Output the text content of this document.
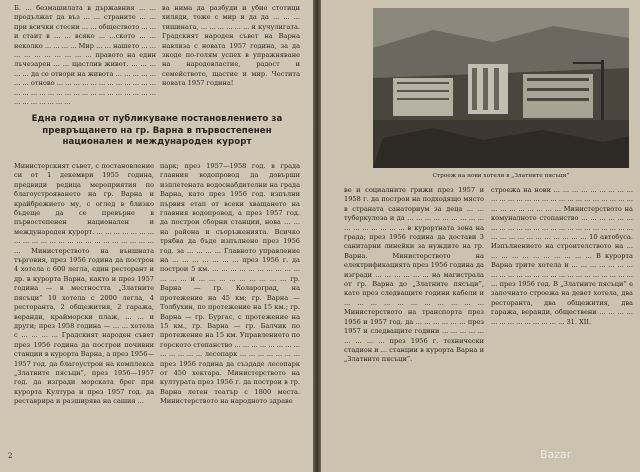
Б. ... безмашилата в държавния ... ... продължат да въз ... ... страните ... ... при всички стесни ... ... обществото ... ... и стаит в ... ... всяко ... ...ското ... ... неколко ... ... ... ... Мир ... ... нашето ... ... ... ... ... ... ... ... ... ... правото на един лъчезарен ... ... щастлив живот. ... ... ... ... ... да се отвори на живота ... ... ... ... ... ... ... отново ... ... ... ... ... ... ... ... ... ... ... ... ... ... ... ... ... ... ... ... ... ... ... ... ... ... ... ... ... ... ... ... ... ... ... ...

ва нима да разбуди и убие стотици хиляди, тоже с мир и да да ... ... ... тишината, ... ... ... ... ... ... и кучулигата. Градският народен съвет на Варна навлиза с новата 1957 година, за да зкоде по-голям успех в упражняване на народовластие, радост и семейството, щастие и мир. Честита новата 1957 година!

Една година от публикуване постановлението за превръщането на гр. Варна в първостепенен национален и международен курорт

Министерският съвет, с постановление си от 1 декември 1955 година, предвиди редица мероприятия по благоустрояването на гр. Варна и крайбрежието му, с оглед в близко бъдеще да се превърне в първостепенен национален и международен курорт. ... ... ... ... ... ... ... ... ... ... ... ... ... ... ... ... ... ... ... ... ... ... ... ... Министерството на външната търговия, през 1956 година да построи 4 хотела с 600 легла, един ресторант и др. в курорта Варна, както и през 1957 година — в местността „Златните пясъци” 10 хотела с 2000 легла, 4 ресторанта, 2 общежития, 2 гаража, веранди, крайморски плаж, ... ... и други; през 1958 година — ... ... хотела с ... ... ... ... Градският народен съвет през 1956 година да построи почивни станции в курорта Варна, а през 1956—1957 год. да благоустрои на комплекса „Златните пясъци”, през 1956—1957 год. да изгради морската брег при курорта Култура и през 1957 год. да реставрира и разширява на сашия ...

парк; през 1957—1958 год. в града главния водопровод да довърши изплетената водоснабдителни на града Варна, като през 1956 год. изпълни първия етап от всеки хващането на главния водопровод, а през 1957 год. да построи сборни станции, нова ... ... на района и съоръженията. Всичко трябва да бъде изпълнено през 1956 год. за ... ... ... ... Главното управление на ... ... ... ... ... ... ... през 1956 г. да построи 5 км. ... ... ... ... ... ... ... ... ... ... ... ... ... и ... ... ... ... ... ... ... ... ... гр. Варна — гр. Колароград, на протежение на 45 км; гр. Варна — Толбухин, по протежение на 15 км.; гр. Варна — гр. Бургас, с протежение на 15 км., гр. Варна — гр. Балчик по протежение на 15 км. Управлението по горското стопанство ... ... ... ... ... ... ... ... ... ... ... ... ... лесопарк ... ... ... ... ... ... ... през 1956 година да създаде лесопарк от 450 хектара. Министерството на културата през 1956 г. да построи в гр. Варна летен театър с 1800 места. Министерството на народното здраве

2

Строеж на нови хотели в „Златните пясъци”

ве и социалните грижи през 1957 и 1958 г. да построи на подходящо място в страната санаториум за деца ... ... туберкулоза и да ... ... ... ... ... ... ... ... ... ... ... ... ... ... ... ... в курортната зона на града; през 1956 година да достави 3 санитарни линейки за нуждите на гр. Варна. Министерството на електрификацията през 1956 година да изгради ... ... ... ... ... ... на магистрала от гр. Варна до „Златните пясъци”, като през следващите години кабели и ... ... ... ... ... ... ... ... ... ... ... Министерството на транспорта през 1956 и 1957 год. да ... ... ... ... ... ... през 1957 и следващите години ... ... ... ... ... ... ... ... ... през 1956 г. технически стадион и ... станции в курорта Варна и „Златните пясъци”.

строежа на нови ... ... ... ... ... ... ... ... ... ... ... ... ... ... ... ... ... ... ... ... ... ... ... ... ... ... ... ... ... ... ... ... ... ... Министерството на комуналното стопанство ... ... ... ... ... ... ... ... ... ... ... ... ... ... ... ... ... ... ... ... ... ... ... ... ... ... ... ... ... ... ... ... ... ... 10 автобуса. Изпълнението на строителството на ... ... ... ... ... ... ... ... ... ... ... В курорта Варна трите хотела и ... ... ... ... ... ... ... ... ... ... ... ... ... ... ... ... ... ... ... ... ... ... ... ... ... през 1956 год. В „Златните пясъци” е започнато строежа на девет хотела, два ресторанта, два общежития, два гаража, веранди, обществени ... ... ... ... ... ... ... ... ... ... ... ... ... 31. XII.

Bazar
